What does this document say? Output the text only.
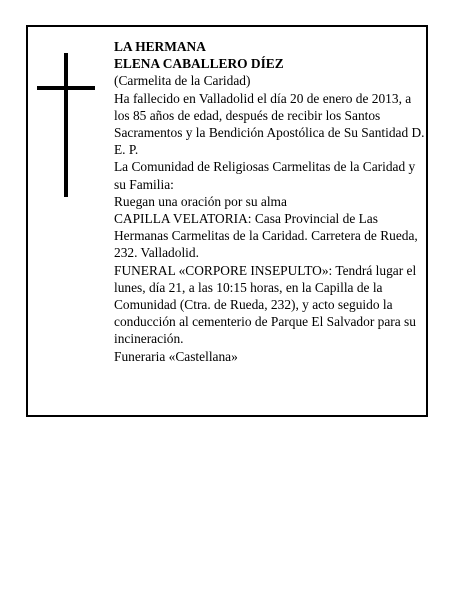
LA HERMANA

ELENA CABALLERO DÍEZ

(Carmelita de la Caridad)

Ha fallecido en Valladolid el día 20 de enero de 2013, a los 85 años de edad, después de recibir los Santos Sacramentos y la Bendición Apostólica de Su Santidad D. E. P.

La Comunidad de Religiosas Carmelitas de la Caridad y su Familia:

Ruegan una oración por su alma

CAPILLA VELATORIA: Casa Provincial de Las Hermanas Carmelitas de la Caridad. Carretera de Rueda, 232. Valladolid.

FUNERAL «CORPORE INSEPULTO»: Tendrá lugar el lunes, día 21, a las 10:15 horas, en la Capilla de la Comunidad (Ctra. de Rueda, 232), y acto seguido la conducción al cementerio de Parque El Salvador para su incineración.

Funeraria «Castellana»
